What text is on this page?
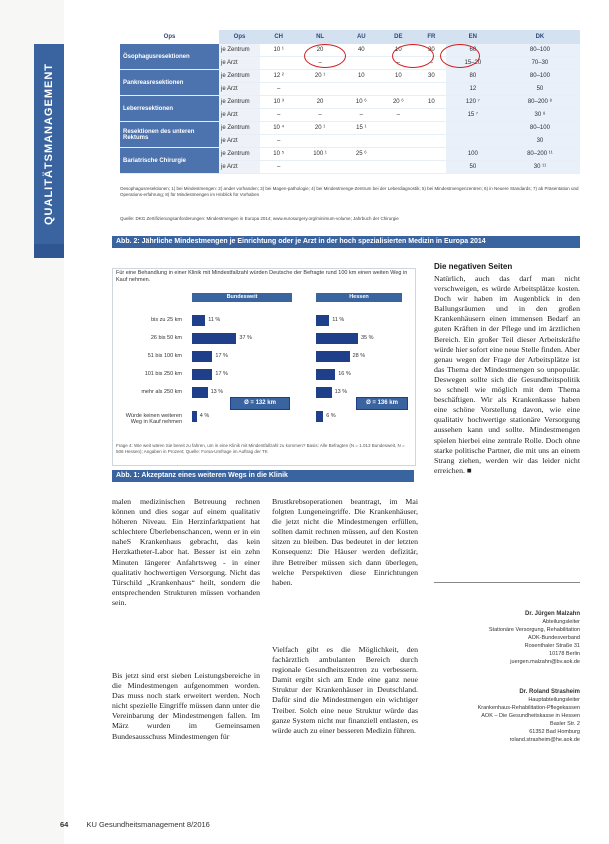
QUALITÄTSMANAGEMENT
Ops	Ops	CH	NL	AU	DE	FR	EN	DK
Ösophagusresektionen	je Zentrum	10 ¹	20	40	10	30	60	80–100
	je Arzt		–		–	–	15–20	70–30
Pankreasresektionen	je Zentrum	12 ²	20 ¹	10	10	30	80	80–100
	je Arzt	–					12	50
Leberresektionen	je Zentrum	10 ³	20	10 ⁶	20 ⁶	10	120 ⁷	80–200 ⁸
	je Arzt	–	–	–	–		15 ⁷	30 ⁸
Resektionen des unteren Rektums	je Zentrum	10 ⁴	20 ¹	15 ¹				80–100
	je Arzt	–						30
Bariatrische Chirurgie	je Zentrum	10 ⁵	100 ¹	25 ⁶			100	80–200 ¹¹
	je Arzt	–					50	30 ¹¹
Oesophagusresektionen; 1) bei Mindestmengen: 2) ander vorhanden; 3) bei Magen-pathologie; 4) bei Mindestmenge-Zentrum bei der Leberdiagnostik; 5) bei Mindestmengenzentren; 6) in Neuere Standards; 7) ab Präsentation und Operations-erfahrung; 8) für Mindestmengen im Hinblick für Vorhaben
Quelle: DKG Zertifizierungsanforderungen: Mindestmengen in Europa 2014; www.eurosurgery.org/minimum-volume; Jahrbuch der Chirurgie
Abb. 2: Jährliche Mindestmengen je Einrichtung oder je Arzt in der hoch spezialisierten Medizin in Europa 2014
Für eine Behandlung in einer Klinik mit Mindestfallzahl würden Deutsche der Befragte rund 100 km einen weiten Weg in Kauf nehmen.
Bundesweit	Hessen
bis zu 25 km	11 %	11 %
26 bis 50 km	37 %	35 %
51 bis 100 km	17 %	28 %
101 bis 250 km	17 %	16 %
mehr als 250 km	13 %	13 %
Würde keinen weiteren Weg in Kauf nehmen
4 %	6 %
Ø = 132 km	Ø = 136 km
Frage 4: Wie weit wären Sie bereit zu fahren, um in eine Klinik mit Mindestfallzahl zu kommen? Basis: Alle Befragten (N = 1.013 Bundesweit, N = 506 Hessen); Angaben in Prozent; Quelle: Forsa-Umfrage im Auftrag der TK
Abb. 1: Akzeptanz eines weiteren Wegs in die Klinik
malen medizinischen Betreuung rechnen können und dies sogar auf einem qualitativ höheren Niveau. Ein Herzinfarktpatient hat schlechtere Überlebenschancen, wenn er in ein naheS Krankenhaus gebracht, das kein Herzkatheter-Labor hat. Besser ist ein zehn Minuten längerer Anfahrtsweg - in einer qualitativ hochwertigen Versorgung. Nicht das Türschild „Krankenhaus“ heilt, sondern die entsprechenden Strukturen müssen vorhanden sein.
Bis jetzt sind erst sieben Leistungsbereiche in die Mindestmengen aufgenommen worden. Das muss noch stark erweitert werden. Noch nicht spezielle Eingriffe müssen dann unter die Vereinbarung der Mindestmengen fallen. Im März wurden im Gemeinsamen Bundesausschuss Mindestmengen für
Brustkrebsoperationen beantragt, im Mai folgten Lungeneingriffe. Die Krankenhäuser, die jetzt nicht die Mindestmengen erfüllen, sollten damit rechnen müssen, auf den Kosten sitzen zu bleiben. Das bedeutet in der letzten Konsequenz: Die Häuser werden defizitär, ihre Betreiber müssen sich dann überlegen, welche Perspektiven diese Einrichtungen haben.
Vielfach gibt es die Möglichkeit, den fachärztlich ambulanten Bereich durch regionale Gesundheitszentren zu verbessern. Damit ergibt sich am Ende eine ganz neue Struktur der Krankenhäuser in Deutschland. Dafür sind die Mindestmengen ein wichtiger Treiber. Solch eine neue Struktur würde das ganze System nicht nur finanziell entlasten, es würde auch zu einer besseren Medizin führen.
Die negativen Seiten
Natürlich, auch das darf man nicht verschweigen, es würde Arbeitsplätze kosten. Doch wir haben im Augenblick in den Ballungsräumen und in den großen Krankenhäusern einen immensen Bedarf an guten Kräften in der Pflege und im ärztlichen Bereich. Ein großer Teil dieser Arbeitskräfte würde hier sofort eine neue Stelle finden. Aber genau wegen der Frage der Arbeitsplätze ist das Thema der Mindestmengen so unpopulär. Deswegen sollte sich die Gesundheitspolitik so schnell wie möglich mit dem Thema beschäftigen. Wir als Krankenkasse haben eine schöne Vorstellung davon, wie eine qualitativ hochwertige stationäre Versorgung aussehen kann und sollte. Mindestmengen spielen hierbei eine zentrale Rolle. Doch ohne starke politische Partner, die mit uns an einem Strang ziehen, werden wir das leider nicht erreichen. ■
Dr. Jürgen Malzahn
Abteilungsleiter
Stationäre Versorgung, Rehabilitation
AOK-Bundesverband
Rosenthaler Straße 31
10178 Berlin
juergen.malzahn@bv.aok.de
Dr. Roland Strasheim
Hauptabteilungsleiter
Krankenhaus-Rehabilitation-Pflegekassen
AOK – Die Gesundheitskasse in Hessen
Basler Str. 2
61352 Bad Homburg
roland.strasheim@he.aok.de
64 KU Gesundheitsmanagement 8/2016
